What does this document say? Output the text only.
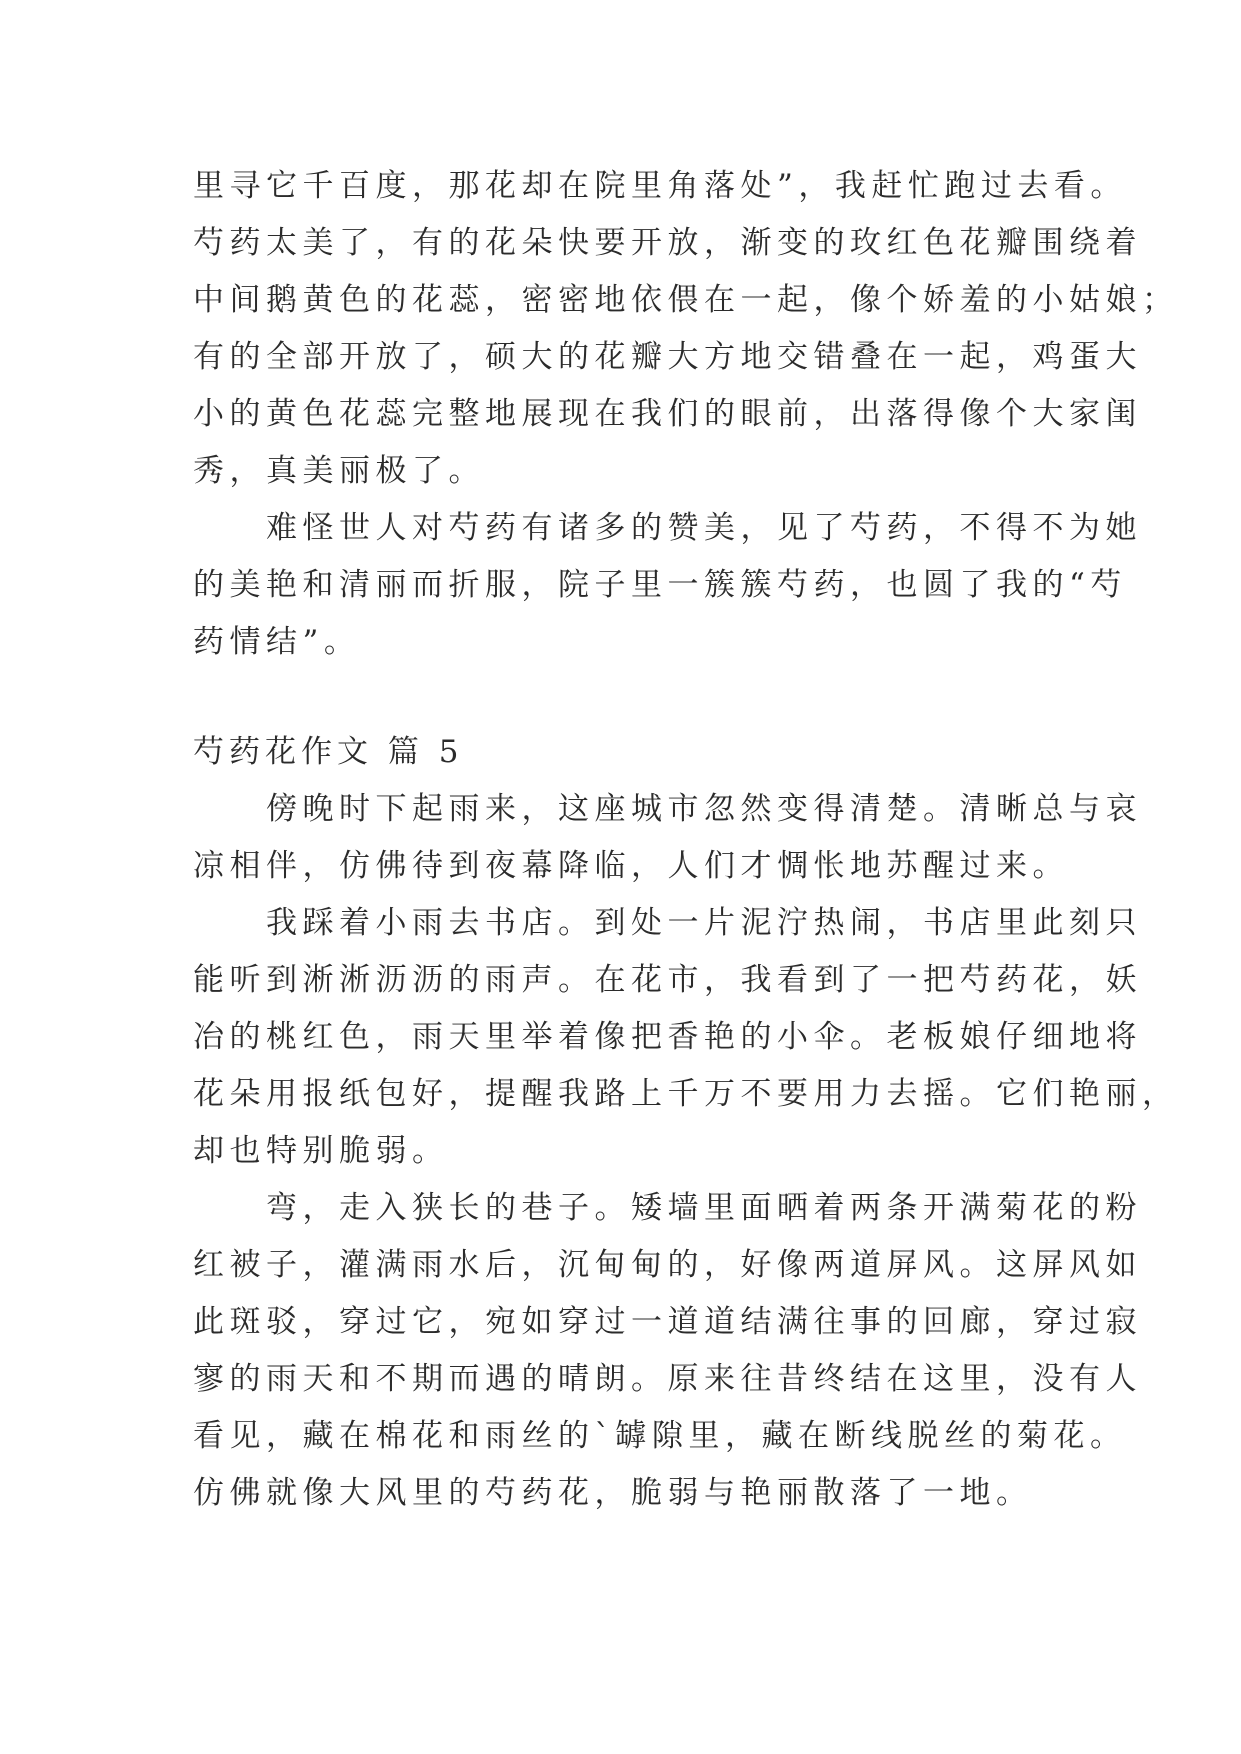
里寻它千百度，那花却在院里角落处”，我赶忙跑过去看。
芍药太美了，有的花朵快要开放，渐变的玫红色花瓣围绕着
中间鹅黄色的花蕊，密密地依偎在一起，像个娇羞的小姑娘；
有的全部开放了，硕大的花瓣大方地交错叠在一起，鸡蛋大
小的黄色花蕊完整地展现在我们的眼前，出落得像个大家闺
秀，真美丽极了。
　　难怪世人对芍药有诸多的赞美，见了芍药，不得不为她
的美艳和清丽而折服，院子里一簇簇芍药，也圆了我的“芍
药情结”。
芍药花作文 篇 5
　　傍晚时下起雨来，这座城市忽然变得清楚。清晰总与哀
凉相伴，仿佛待到夜幕降临，人们才惆怅地苏醒过来。
　　我踩着小雨去书店。到处一片泥泞热闹，书店里此刻只
能听到淅淅沥沥的雨声。在花市，我看到了一把芍药花，妖
冶的桃红色，雨天里举着像把香艳的小伞。老板娘仔细地将
花朵用报纸包好，提醒我路上千万不要用力去摇。它们艳丽，
却也特别脆弱。
　　弯，走入狭长的巷子。矮墙里面晒着两条开满菊花的粉
红被子，灌满雨水后，沉甸甸的，好像两道屏风。这屏风如
此斑驳，穿过它，宛如穿过一道道结满往事的回廊，穿过寂
寥的雨天和不期而遇的晴朗。原来往昔终结在这里，没有人
看见，藏在棉花和雨丝的`罅隙里，藏在断线脱丝的菊花。
仿佛就像大风里的芍药花，脆弱与艳丽散落了一地。
